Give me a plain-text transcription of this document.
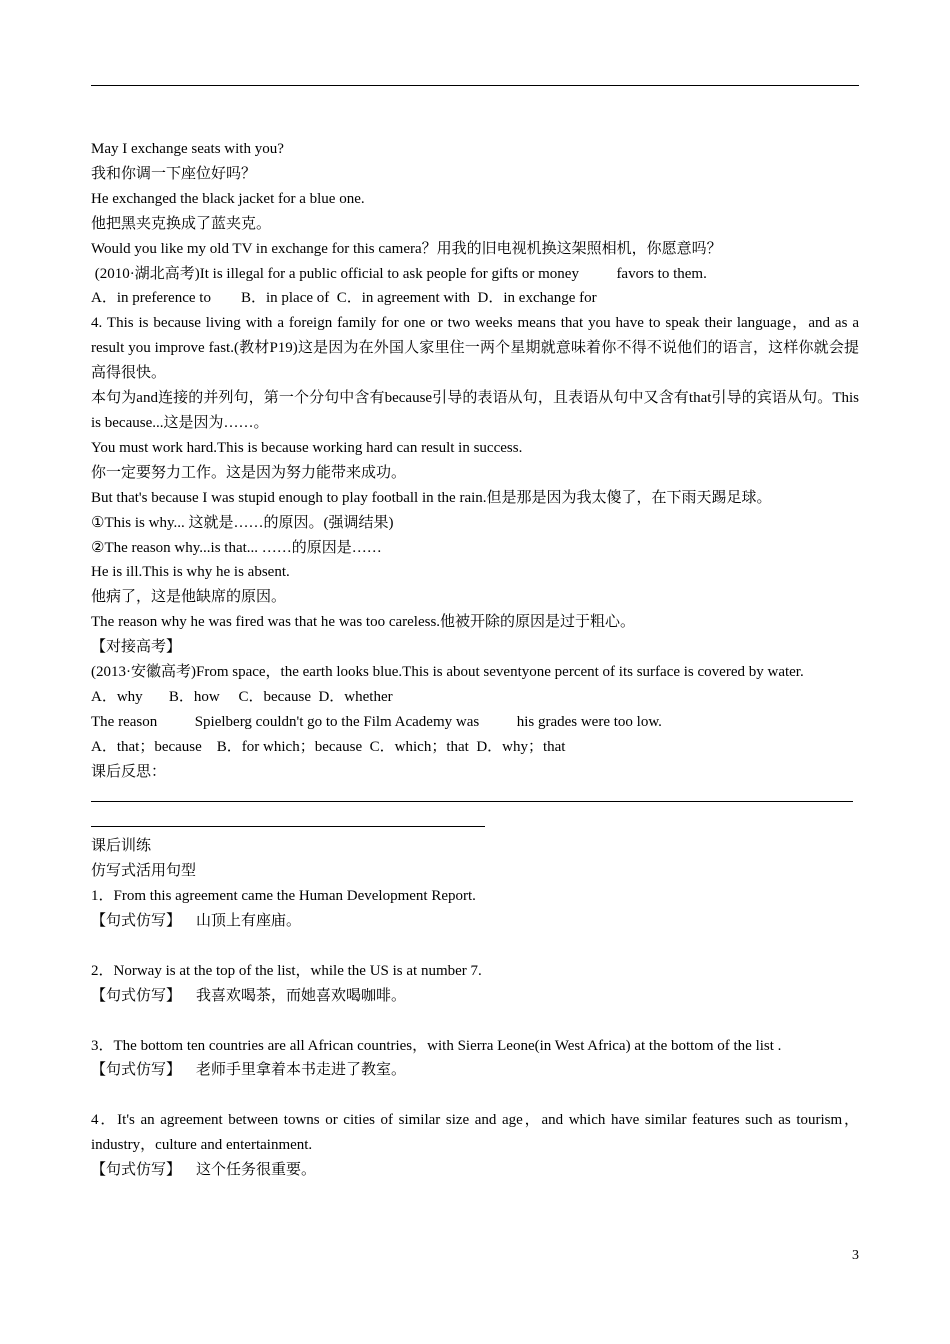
May I exchange seats with you?
我和你调一下座位好吗？
He exchanged the black jacket for a blue one.
他把黑夹克换成了蓝夹克。
Would you like my old TV in exchange for this camera？用我的旧电视机换这架照相机，你愿意吗？
(2010·湖北高考)It is illegal for a public official to ask people for gifts or money          favors to them.
A．in preference to        B．in place of  C．in agreement with  D．in exchange for
4. This is because living with a foreign family for one or two weeks means that you have to speak their language，and as a result you improve fast.(教材P19)这是因为在外国人家里住一两个星期就意味着你不得不说他们的语言，这样你就会提高得很快。
本句为and连接的并列句，第一个分句中含有because引导的表语从句，且表语从句中又含有that引导的宾语从句。This is because...这是因为……。
You must work hard.This is because working hard can result in success.
你一定要努力工作。这是因为努力能带来成功。
But that's because I was stupid enough to play football in the rain.但是那是因为我太傻了，在下雨天踢足球。
①This is why... 这就是……的原因。(强调结果)
②The reason why...is that... ……的原因是……
He is ill.This is why he is absent.
他病了，这是他缺席的原因。
The reason why he was fired was that he was too careless.他被开除的原因是过于粗心。
【对接高考】
(2013·安徽高考)From space，the earth looks blue.This is about seventyone percent of its surface is covered by water.
A．why       B．how     C．because  D．whether
The reason          Spielberg couldn't go to the Film Academy was          his grades were too low.
A．that；because    B．for which；because  C．which；that  D．why；that
课后反思：
课后训练
仿写式活用句型
1．From this agreement came the Human Development Report.
【句式仿写】    山顶上有座庙。
2．Norway is at the top of the list，while the US is at number 7.
【句式仿写】    我喜欢喝茶，而她喜欢喝咖啡。
3．The bottom ten countries are all African countries，with Sierra Leone(in West Africa) at the bottom of the list .
【句式仿写】    老师手里拿着本书走进了教室。
4．It's an agreement between towns or cities of similar size and age，and which have similar features such as tourism，industry，culture and entertainment.
【句式仿写】    这个任务很重要。
3
